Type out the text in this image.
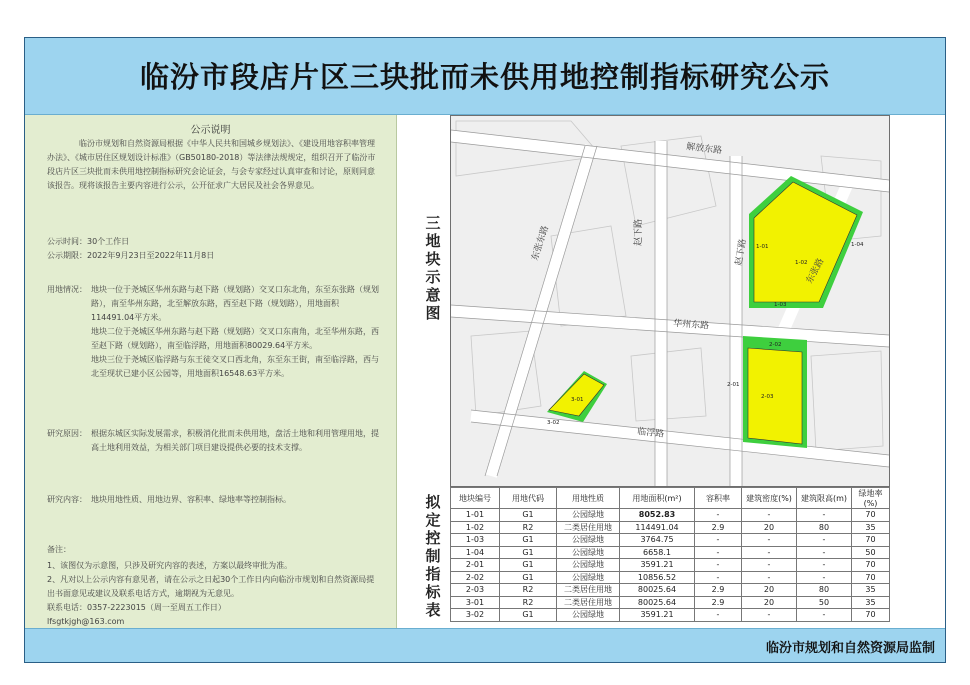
临汾市段店片区三块批而未供用地控制指标研究公示
公示说明

临汾市规划和自然资源局根据《中华人民共和国城乡规划法》、《建设用地容积率管理办法》、《城市居住区规划设计标准》（GB50180-2018）等法律法规规定，组织召开了临汾市段店片区三块批而未供用地控制指标研究会论证会，与会专家经过认真审查和讨论，原则同意该报告。现将该报告主要内容进行公示，公开征求广大居民及社会各界意见。

公示时间：30个工作日

公示期限：2022年9月23日至2022年11月8日

用地情况： 地块一位于尧城区华州东路与赵下路（规划路）交叉口东北角，东至东张路（规划路），南至华州东路，北至解放东路，西至赵下路（规划路），用地面积114491.04平方米。
地块二位于尧城区华州东路与赵下路（规划路）交叉口东南角，北至华州东路，西至赵下路（规划路），南至临浮路，用地面积80029.64平方米。
地块三位于尧城区临浮路与东王徒交叉口西北角，东至东王街，南至临浮路，西与北至现状已建小区公园等，用地面积16548.63平方米。

研究原因： 根据东城区实际发展需求，积极消化批而未供用地，盘活土地和利用管理用地，提高土地利用效益，为相关部门项目建设提供必要的技术支撑。

研究内容： 地块用地性质、用地边界、容积率、绿地率等控制指标。

备注：

1、该图仅为示意图，只涉及研究内容的表述，方案以最终审批为准。

2、凡对以上公示内容有意见者，请在公示之日起30个工作日内向临汾市规划和自然资源局提出书面意见或建议及联系电话方式，逾期视为无意见。

联系电话：0357-2223015（周一至周五工作日）

lfsgtkjgh@163.com

三地块示意图
拟定控制指标表
解放东路
东张东路	赵下路
赵下路
东张路
华州东路
临浮路
1-01
1-02
1-03
1-04
2-01
2-02
2-03
3-01
3-02
地块编号	用地代码	用地性质	用地面积(m²)	容积率	建筑密度(%)	建筑限高(m)	绿地率(%)
1-01	G1	公园绿地	8052.83	-	-	-	70
1-02	R2	二类居住用地	114491.04	2.9	20	80	35
1-03	G1	公园绿地	3764.75	-	-	-	70
1-04	G1	公园绿地	6658.1	-	-	-	50
2-01	G1	公园绿地	3591.21	-	-	-	70
2-02	G1	公园绿地	10856.52	-	-	-	70
2-03	R2	二类居住用地	80025.64	2.9	20	80	35
3-01	R2	二类居住用地	80025.64	2.9	20	50	35
3-02	G1	公园绿地	3591.21	-	-	-	70
临汾市规划和自然资源局监制
